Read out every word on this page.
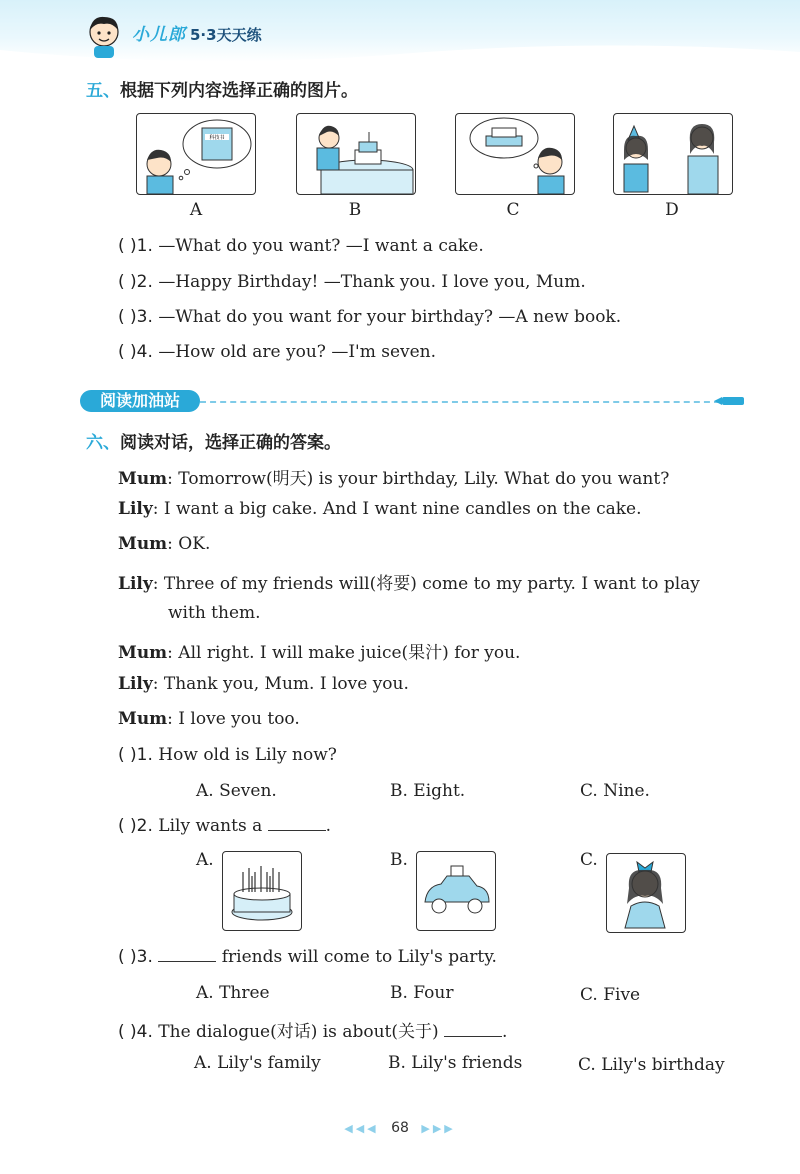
小儿郎 5·3天天练
五、根据下列内容选择正确的图片。
科技书
A	B	C	D
( )1. —What do you want? —I want a cake.
( )2. —Happy Birthday! —Thank you. I love you, Mum.
( )3. —What do you want for your birthday? —A new book.
( )4. —How old are you? —I'm seven.
阅读加油站
六、阅读对话，选择正确的答案。
Mum: Tomorrow(明天) is your birthday, Lily. What do you want?
Lily: I want a big cake. And I want nine candles on the cake.
Mum: OK.
Lily: Three of my friends will(将要) come to my party. I want to play
with them.
Mum: All right. I will make juice(果汁) for you.
Lily: Thank you, Mum. I love you.
Mum: I love you too.
( )1. How old is Lily now?
A. Seven.	B. Eight.	C. Nine.
( )2. Lily wants a	.
A.	B.	C.
( )3.	friends will come to Lily's party.
A. Three	B. Four	C. Five
( )4. The dialogue(对话) is about(关于)	.
A. Lily's family	B. Lily's friends	C. Lily's birthday
◀◀◀ 68 ▶▶▶
